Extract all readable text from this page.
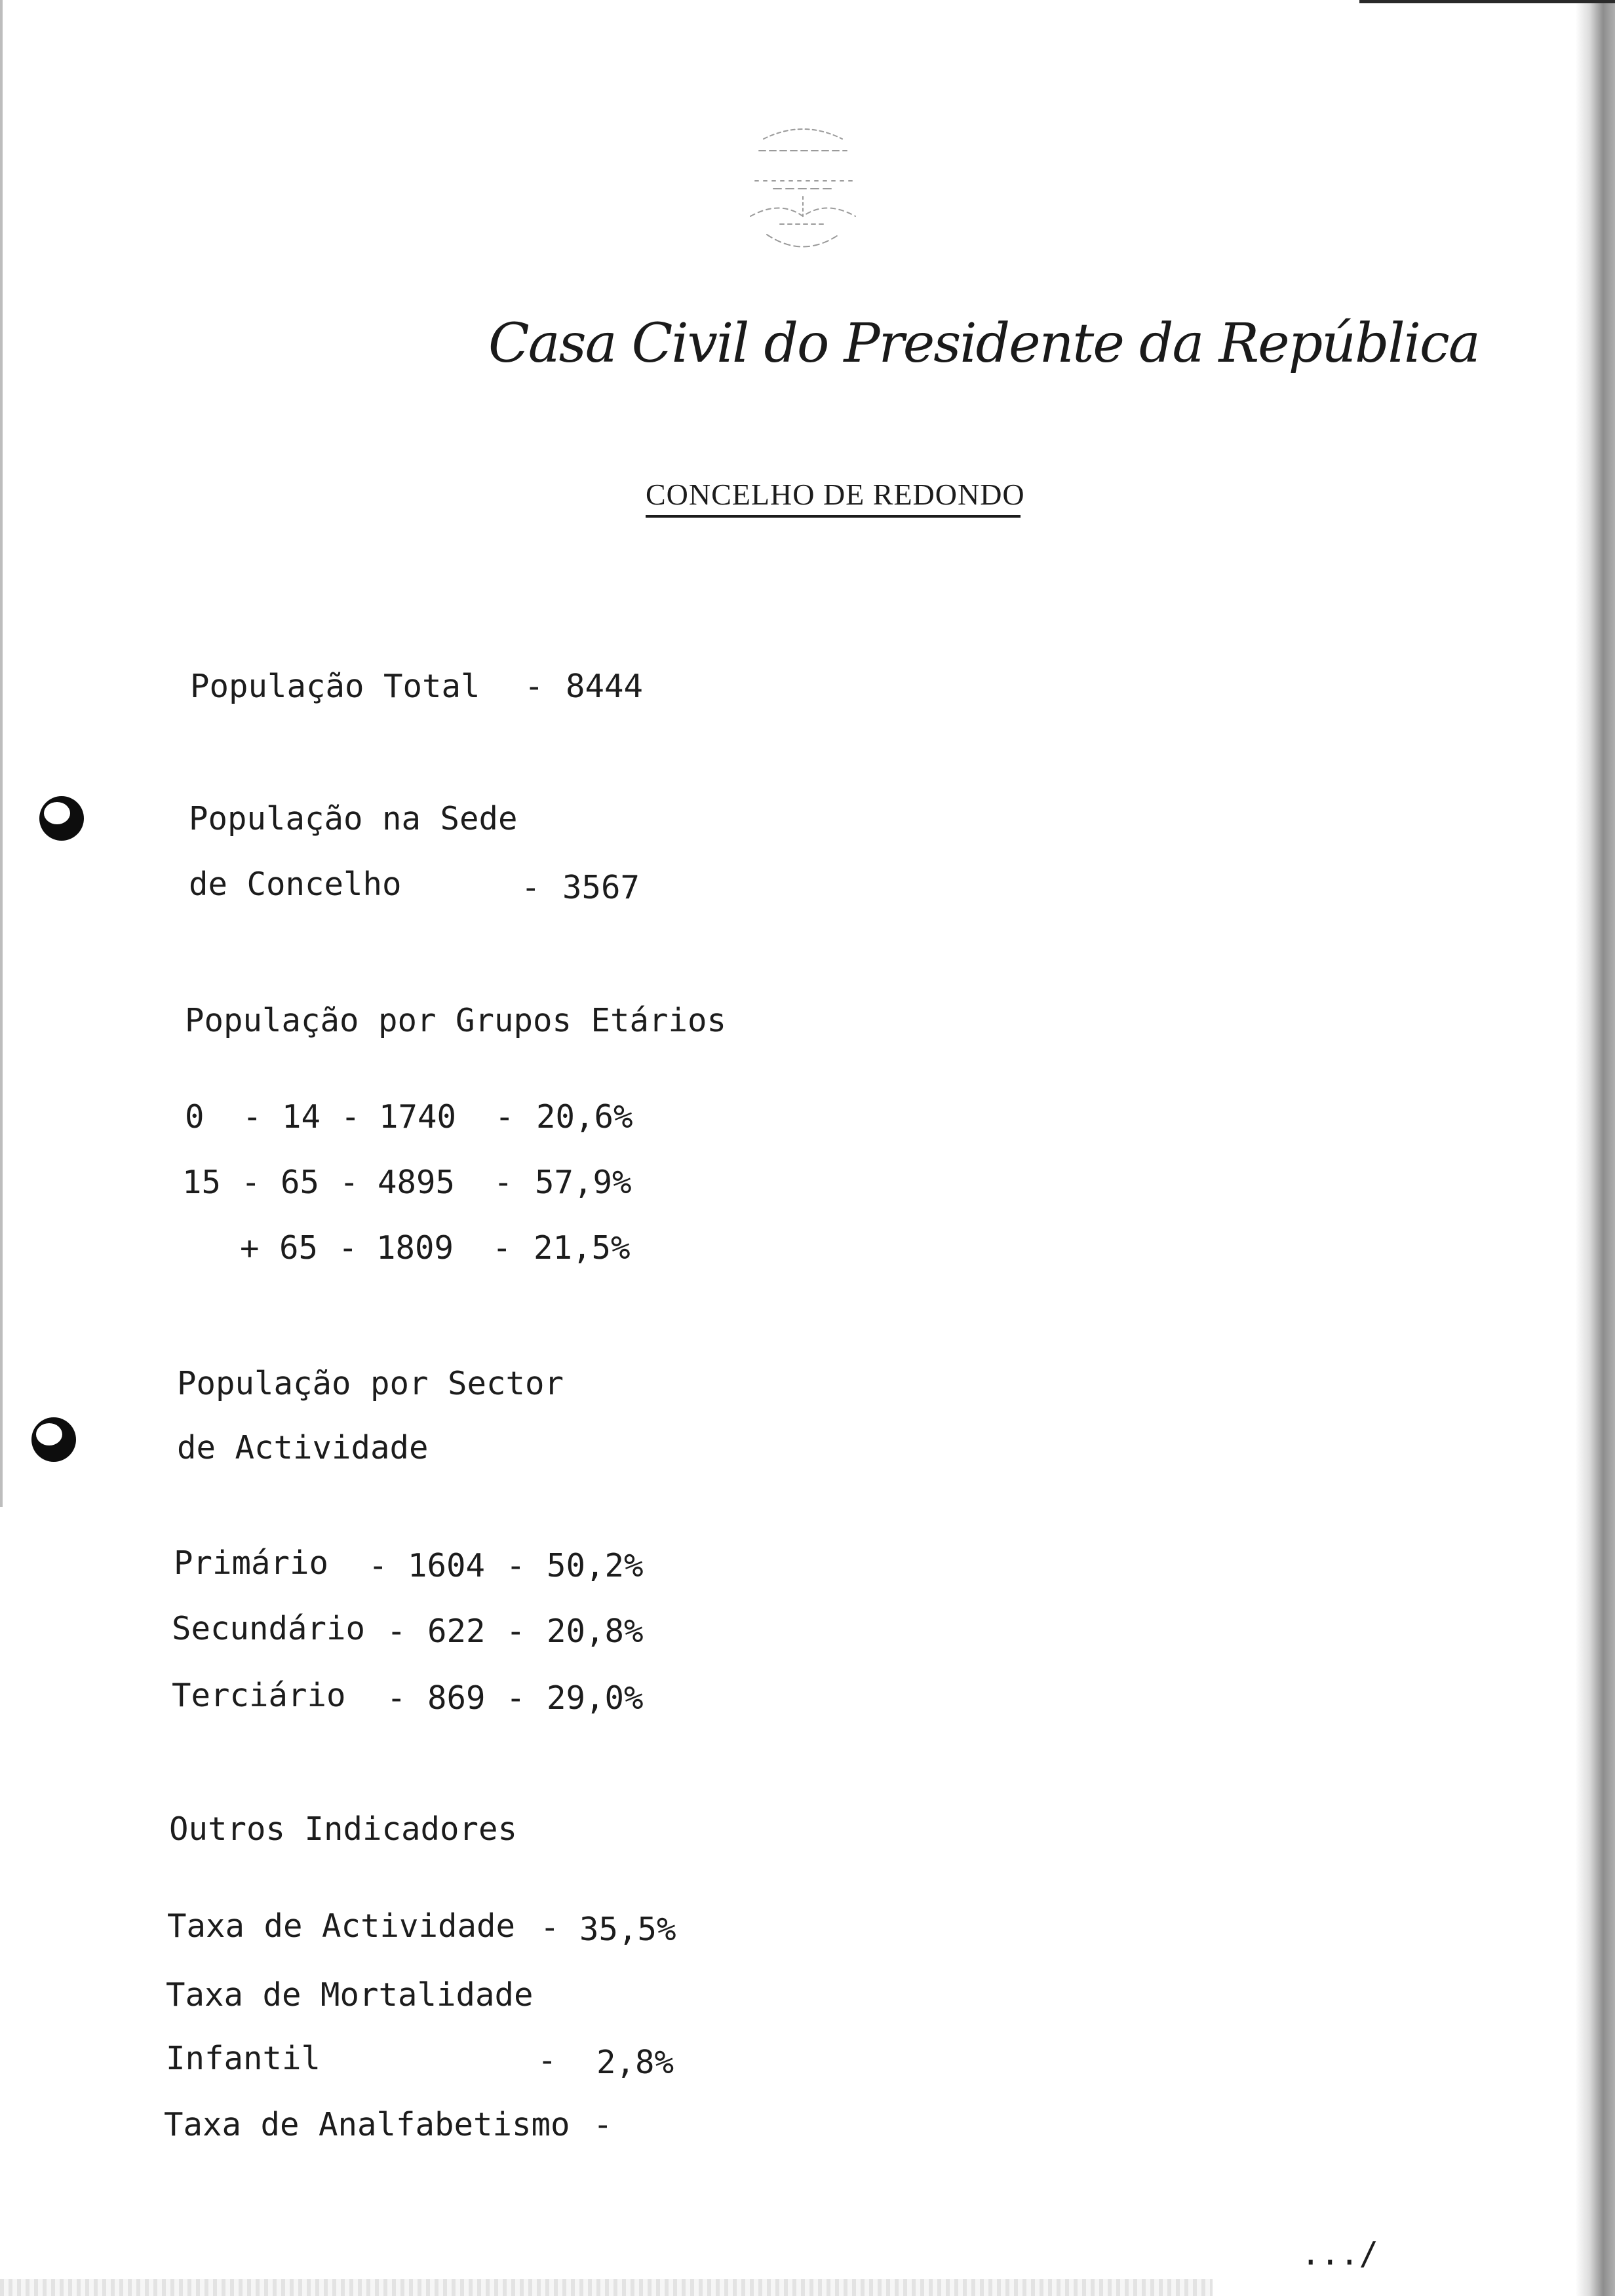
Casa Civil do Presidente da República
CONCELHO DE REDONDO
População Total - 8444
População na Sede
de Concelho	- 3567
População por Grupos Etários
0 - 14 - 1740 - 20,6%
15 - 65 - 4895 - 57,9%
+ 65 - 1809 - 21,5%
População por Sector
de Actividade
Primário - 1604 - 50,2%
Secundário - 622 - 20,8%
Terciário - 869 - 29,0%
Outros Indicadores
Taxa de Actividade - 35,5%
Taxa de Mortalidade
Infantil	- 2,8%
Taxa de Analfabetismo -
.../
